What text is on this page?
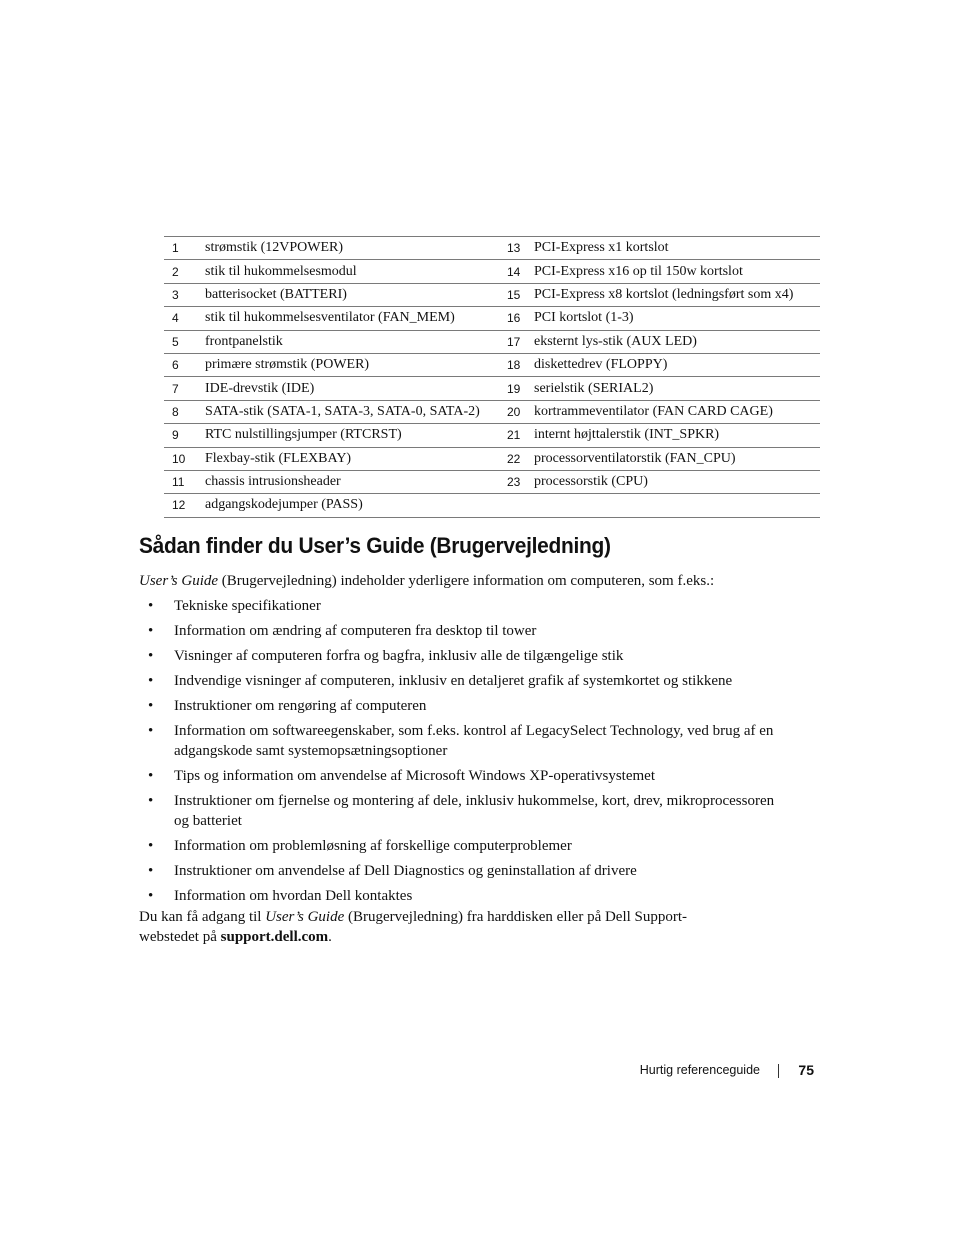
1	strømstik (12VPOWER)	13	PCI-Express x1 kortslot
2	stik til hukommelsesmodul	14	PCI-Express x16 op til 150w kortslot
3	batterisocket (BATTERI)	15	PCI-Express x8 kortslot (ledningsført som x4)
4	stik til hukommelsesventilator (FAN_MEM)	16	PCI kortslot (1-3)
5	frontpanelstik	17	eksternt lys-stik (AUX LED)
6	primære strømstik (POWER)	18	diskettedrev (FLOPPY)
7	IDE-drevstik (IDE)	19	serielstik (SERIAL2)
8	SATA-stik (SATA-1, SATA-3, SATA-0, SATA-2)	20	kortrammeventilator (FAN CARD CAGE)
9	RTC nulstillingsjumper (RTCRST)	21	internt højttalerstik (INT_SPKR)
10	Flexbay-stik (FLEXBAY)	22	processorventilatorstik (FAN_CPU)
11	chassis intrusionsheader	23	processorstik (CPU)
12	adgangskodejumper (PASS)		
Sådan finder du User’s Guide (Brugervejledning)

User’s Guide (Brugervejledning) indeholder yderligere information om computeren, som f.eks.:

• Tekniske specifikationer
• Information om ændring af computeren fra desktop til tower
• Visninger af computeren forfra og bagfra, inklusiv alle de tilgængelige stik
• Indvendige visninger af computeren, inklusiv en detaljeret grafik af systemkortet og stikkene
• Instruktioner om rengøring af computeren
• Information om softwareegenskaber, som f.eks. kontrol af LegacySelect Technology, ved brug af en adgangskode samt systemopsætningsoptioner
• Tips og information om anvendelse af Microsoft Windows XP-operativsystemet
• Instruktioner om fjernelse og montering af dele, inklusiv hukommelse, kort, drev, mikroprocessoren og batteriet
• Information om problemløsning af forskellige computerproblemer
• Instruktioner om anvendelse af Dell Diagnostics og geninstallation af drivere
• Information om hvordan Dell kontaktes

Du kan få adgang til User’s Guide (Brugervejledning) fra harddisken eller på Dell Support-webstedet på support.dell.com.

Hurtig referenceguide	75
